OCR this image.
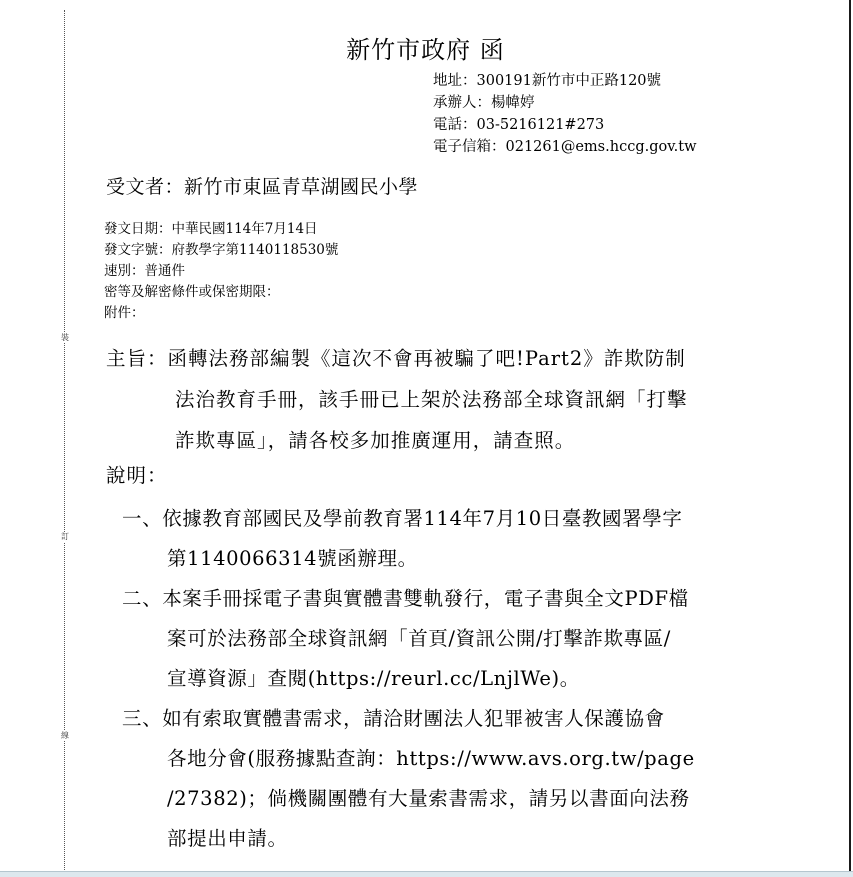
裝
訂
線
新竹市政府 函
地址：300191新竹市中正路120號
承辦人：楊幃婷
電話：03-5216121#273
電子信箱：021261@ems.hccg.gov.tw
受文者：新竹市東區青草湖國民小學
發文日期：中華民國114年7月14日
發文字號：府教學字第1140118530號
速別：普通件
密等及解密條件或保密期限：
附件：
主旨：函轉法務部編製《這次不會再被騙了吧!Part2》詐欺防制
法治教育手冊，該手冊已上架於法務部全球資訊網「打擊
詐欺專區」，請各校多加推廣運用，請查照。
說明：
一、依據教育部國民及學前教育署114年7月10日臺教國署學字
第1140066314號函辦理。
二、本案手冊採電子書與實體書雙軌發行，電子書與全文PDF檔
案可於法務部全球資訊網「首頁/資訊公開/打擊詐欺專區/
宣導資源」查閱(https://reurl.cc/LnjlWe)。
三、如有索取實體書需求，請洽財團法人犯罪被害人保護協會
各地分會(服務據點查詢：https://www.avs.org.tw/page
/27382)；倘機關團體有大量索書需求，請另以書面向法務
部提出申請。
